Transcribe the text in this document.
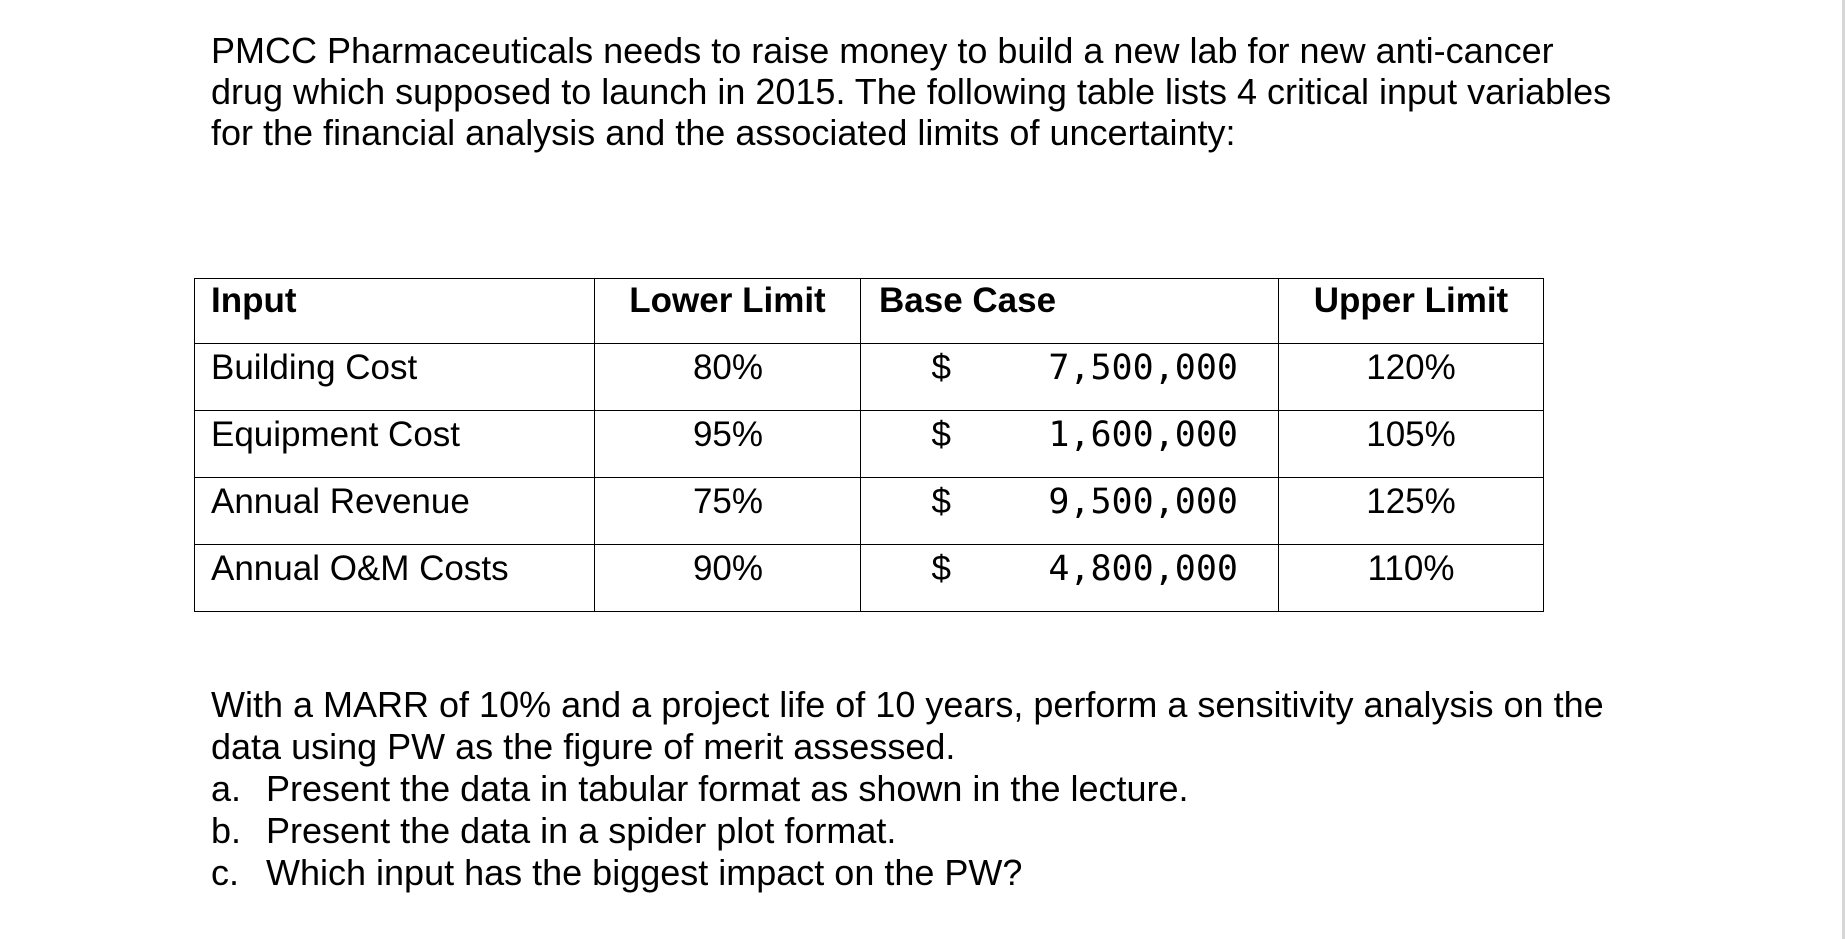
PMCC Pharmaceuticals needs to raise money to build a new lab for new anti-cancer
drug which supposed to launch in 2015. The following table lists 4 critical input variables
for the financial analysis and the associated limits of uncertainty:

Input	Lower Limit	Base Case	Upper Limit
Building Cost	80%	$ 7,500,000	120%
Equipment Cost	95%	$ 1,600,000	105%
Annual Revenue	75%	$ 9,500,000	125%
Annual O&M Costs	90%	$ 4,800,000	110%
With a MARR of 10% and a project life of 10 years, perform a sensitivity analysis on the
data using PW as the figure of merit assessed.
a. Present the data in tabular format as shown in the lecture.
b. Present the data in a spider plot format.
c. Which input has the biggest impact on the PW?
